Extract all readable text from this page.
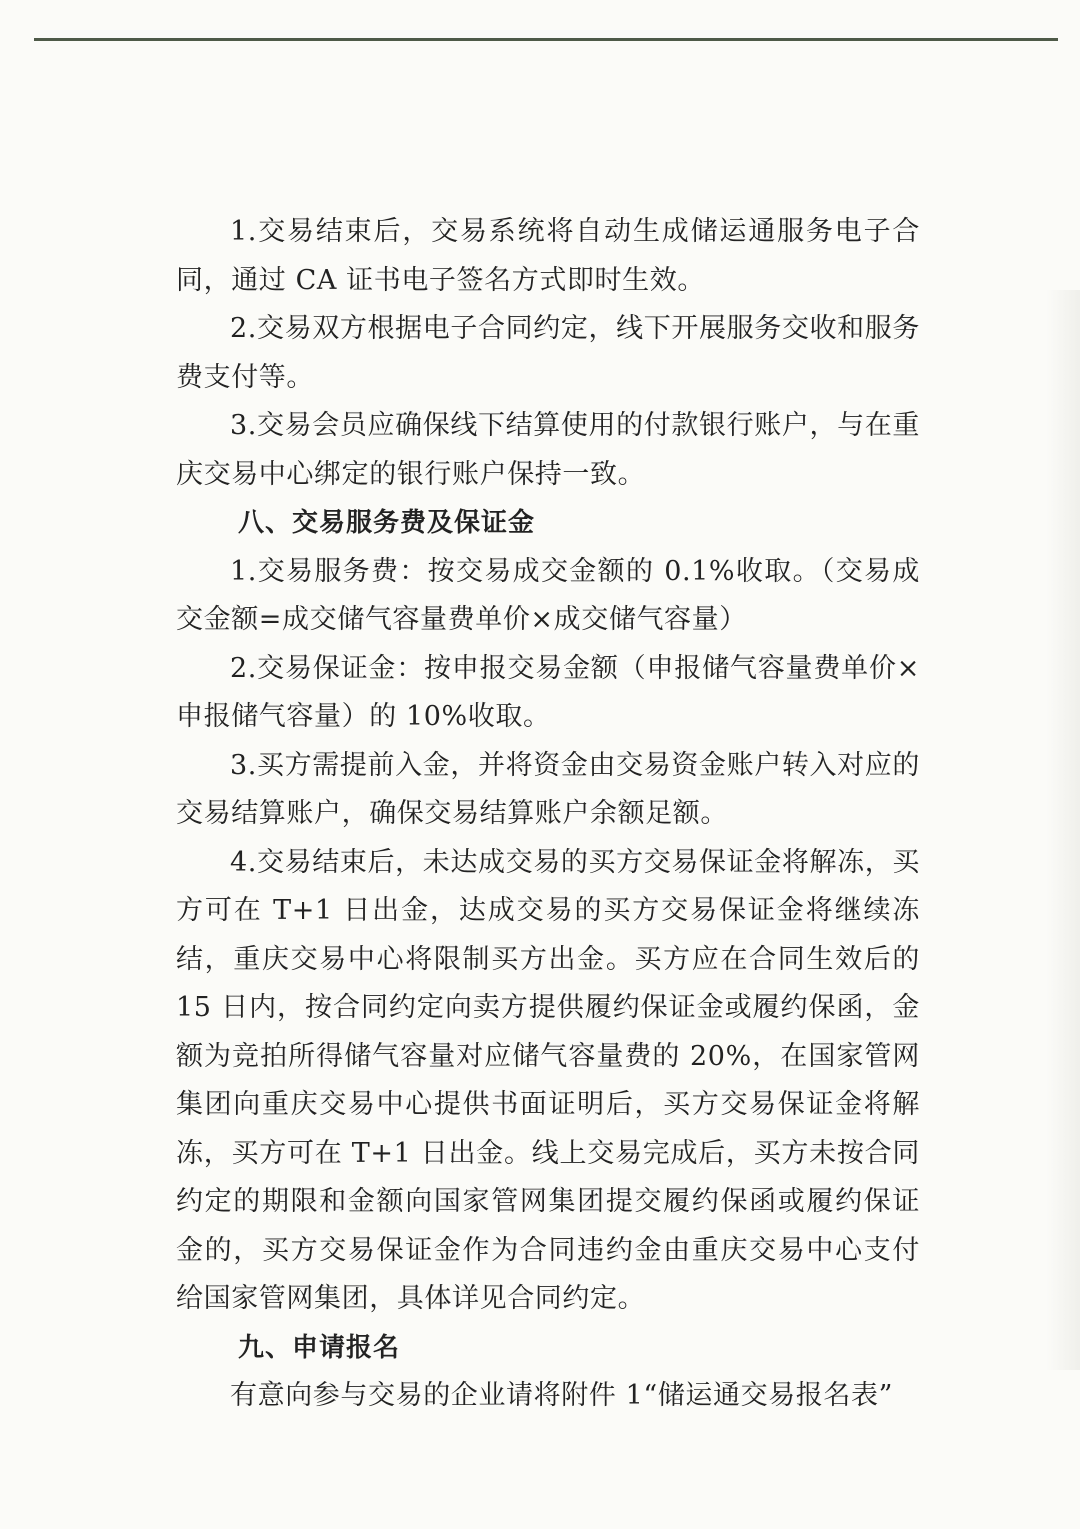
1.交易结束后，交易系统将自动生成储运通服务电子合同，通过 CA 证书电子签名方式即时生效。

2.交易双方根据电子合同约定，线下开展服务交收和服务费支付等。

3.交易会员应确保线下结算使用的付款银行账户，与在重庆交易中心绑定的银行账户保持一致。

八、交易服务费及保证金

1.交易服务费：按交易成交金额的 0.1%收取。（交易成交金额=成交储气容量费单价×成交储气容量）

2.交易保证金：按申报交易金额（申报储气容量费单价×申报储气容量）的 10%收取。

3.买方需提前入金，并将资金由交易资金账户转入对应的交易结算账户，确保交易结算账户余额足额。

4.交易结束后，未达成交易的买方交易保证金将解冻，买方可在 T+1 日出金，达成交易的买方交易保证金将继续冻结，重庆交易中心将限制买方出金。买方应在合同生效后的 15 日内，按合同约定向卖方提供履约保证金或履约保函，金额为竞拍所得储气容量对应储气容量费的 20%，在国家管网集团向重庆交易中心提供书面证明后，买方交易保证金将解冻，买方可在 T+1 日出金。线上交易完成后，买方未按合同约定的期限和金额向国家管网集团提交履约保函或履约保证金的，买方交易保证金作为合同违约金由重庆交易中心支付给国家管网集团，具体详见合同约定。

九、申请报名

有意向参与交易的企业请将附件 1“储运通交易报名表”
